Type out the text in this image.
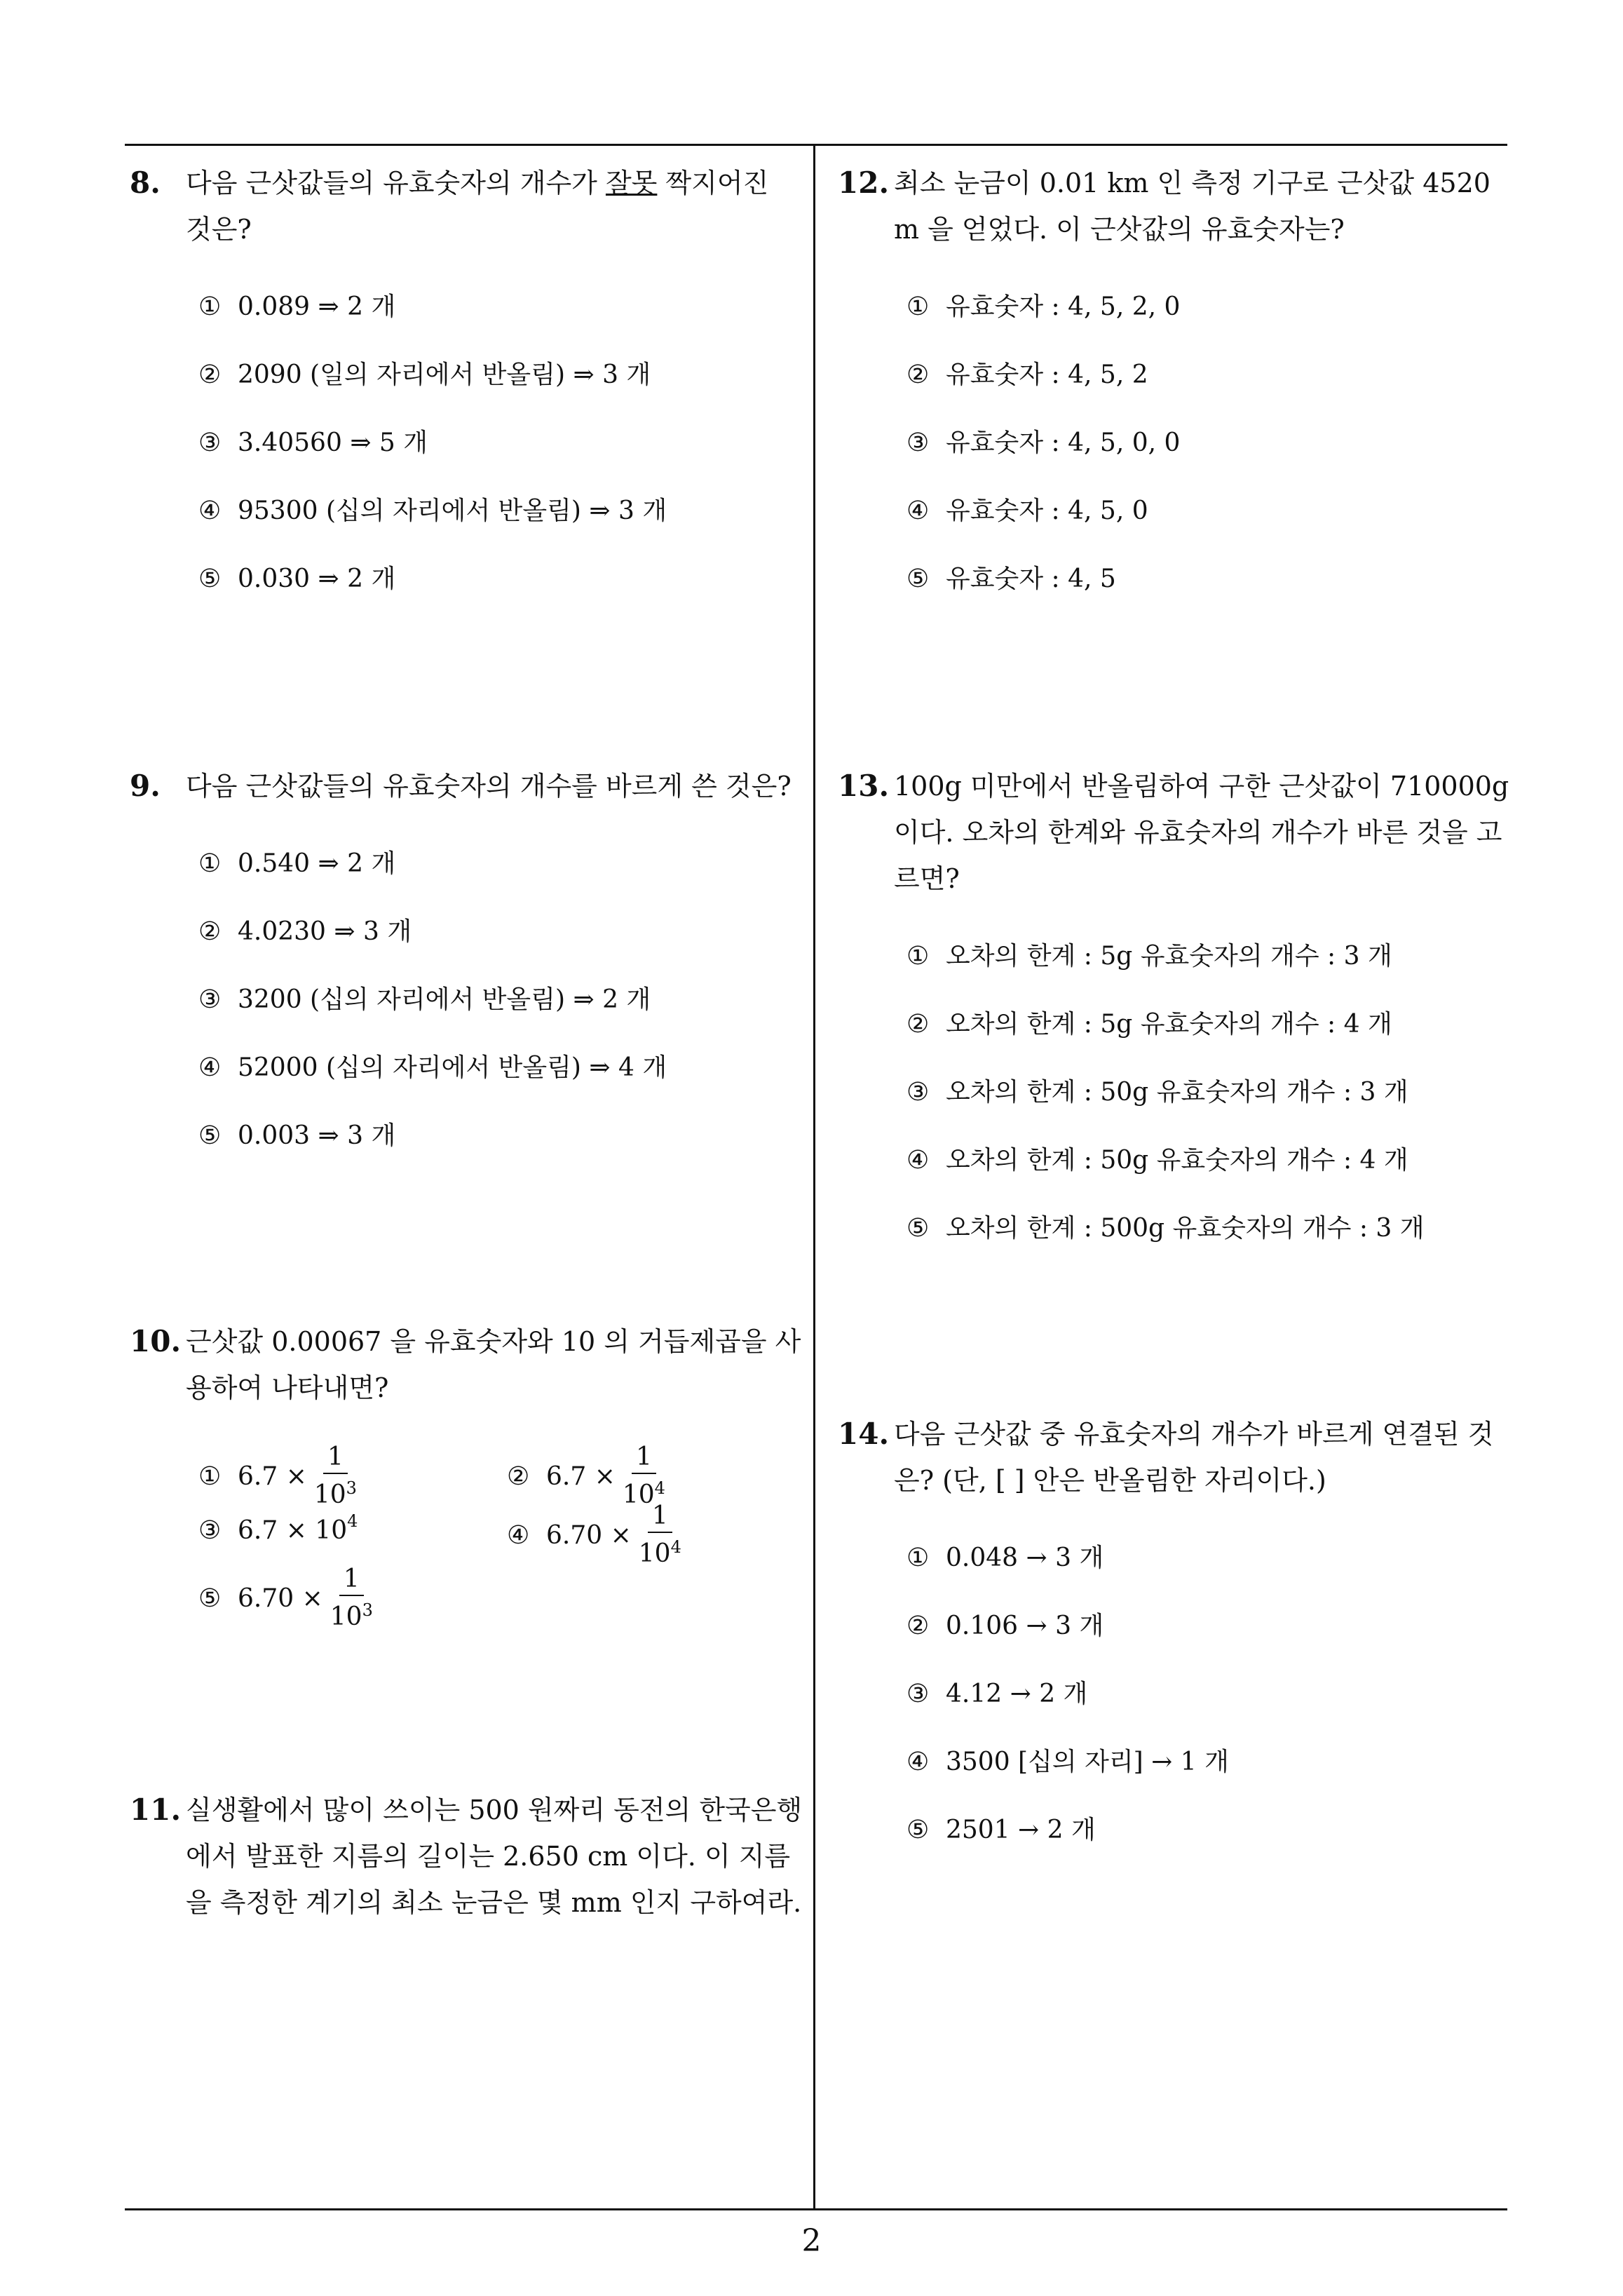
8. 다음 근삿값들의 유효숫자의 개수가 잘못 짝지어진 것은?
① 0.089 ⇒ 2 개
② 2090 (일의 자리에서 반올림) ⇒ 3 개
③ 3.40560 ⇒ 5 개
④ 95300 (십의 자리에서 반올림) ⇒ 3 개
⑤ 0.030 ⇒ 2 개
9. 다음 근삿값들의 유효숫자의 개수를 바르게 쓴 것은?
① 0.540 ⇒ 2 개
② 4.0230 ⇒ 3 개
③ 3200 (십의 자리에서 반올림) ⇒ 2 개
④ 52000 (십의 자리에서 반올림) ⇒ 4 개
⑤ 0.003 ⇒ 3 개
10. 근삿값 0.00067 을 유효숫자와 10 의 거듭제곱을 사용하여 나타내면?
① $6.7 \times \frac{1}{10^3}$	② $6.7 \times \frac{1}{10^4}$
③ $6.7 \times 10^4$	④ $6.70 \times \frac{1}{10^4}$
⑤ $6.70 \times \frac{1}{10^3}$
11. 실생활에서 많이 쓰이는 500 원짜리 동전의 한국은행에서 발표한 지름의 길이는 2.650 cm 이다. 이 지름을 측정한 계기의 최소 눈금은 몇 mm 인지 구하여라.
12. 최소 눈금이 0.01 km 인 측정 기구로 근삿값 4520 m 을 얻었다. 이 근삿값의 유효숫자는?
① 유효숫자 : 4, 5, 2, 0
② 유효숫자 : 4, 5, 2
③ 유효숫자 : 4, 5, 0, 0
④ 유효숫자 : 4, 5, 0
⑤ 유효숫자 : 4, 5
13. 100g 미만에서 반올림하여 구한 근삿값이 710000g 이다. 오차의 한계와 유효숫자의 개수가 바른 것을 고르면?
① 오차의 한계 : 5g 유효숫자의 개수 : 3 개
② 오차의 한계 : 5g 유효숫자의 개수 : 4 개
③ 오차의 한계 : 50g 유효숫자의 개수 : 3 개
④ 오차의 한계 : 50g 유효숫자의 개수 : 4 개
⑤ 오차의 한계 : 500g 유효숫자의 개수 : 3 개
14. 다음 근삿값 중 유효숫자의 개수가 바르게 연결된 것은? (단, [ ] 안은 반올림한 자리이다.)
① 0.048 → 3 개
② 0.106 → 3 개
③ 4.12 → 2 개
④ 3500 [십의 자리] → 1 개
⑤ 2501 → 2 개
2
